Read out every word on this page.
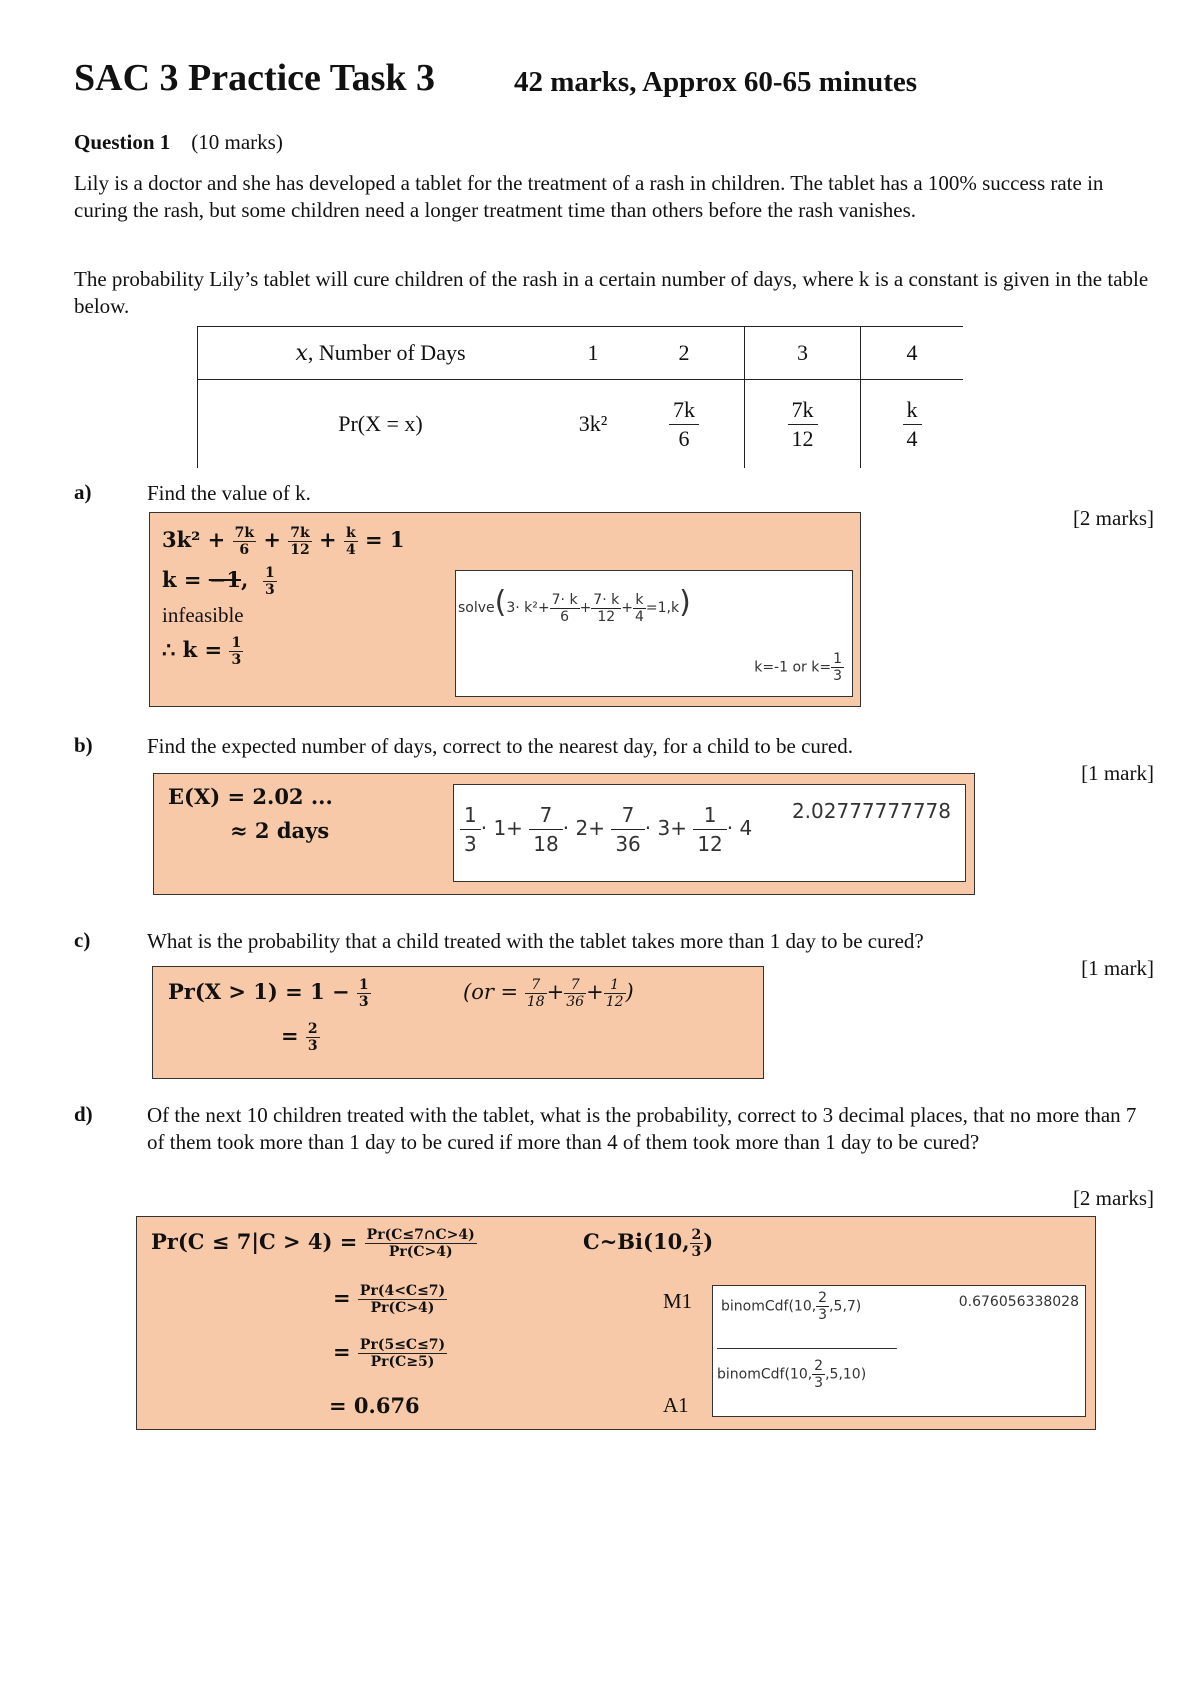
SAC 3 Practice Task 3	42 marks, Approx 60-65 minutes
Question 1 (10 marks)
Lily is a doctor and she has developed a tablet for the treatment of a rash in children. The tablet has a 100% success rate in curing the rash, but some children need a longer treatment time than others before the rash vanishes.
The probability Lily’s tablet will cure children of the rash in a certain number of days, where k is a constant is given in the table below.
x, Number of Days	1	2	3	4
Pr(X = x)	3k²	$\frac{7k}{6}$	$\frac{7k}{12}$	$\frac{k}{4}$
a)	Find the value of k.
[2 marks]
$3k^2 + \frac{7k}{6} + \frac{7k}{12} + \frac{k}{4} = 1$
k = −1, $\frac{1}{3}$
infeasible
∴ $k = \frac{1}{3}$
solve(3· $k^2+ \frac{7\cdot k}{6} + \frac{7\cdot k}{12} + \frac{k}{4} =1,k$)
k=-1 or $k= \frac{1}{3}$
b)	Find the expected number of days, correct to the nearest day, for a child to be cured.
[1 mark]
E(X) = 2.02 ...
≈ 2 days	$\frac{1}{3} \cdot 1+ \frac{7}{18} \cdot 2+ \frac{7}{36} \cdot 3+ \frac{1}{12} \cdot 4$
2.02777777778
c)	What is the probability that a child treated with the tablet takes more than 1 day to be cured?
[1 mark]
$Pr(X > 1) = 1 - \frac{1}{3}$
= $\frac{2}{3}$
($or = \frac{7}{18} + \frac{7}{36} + \frac{1}{12}$ )
d)	Of the next 10 children treated with the tablet, what is the probability, correct to 3 decimal places, that no more than 7 of them took more than 1 day to be cured if more than 4 of them took more than 1 day to be cured?
[2 marks]
$Pr(C \le 7|C > 4) = \frac{Pr(C\le 7\cap C>4)}{Pr(C>4)}$
= $\frac{Pr(4<C\le 7)}{Pr(C>4)}$
= $\frac{Pr(5\le C\le 7)}{Pr(C\ge 5)}$
= 0.676
C~Bi(10, $\frac{2}{3}$ )
M1
A1
binomCdf(10, $\frac{2}{3} ,5,7$)
binomCdf(10, $\frac{2}{3} ,5,10$)
0.676056338028
